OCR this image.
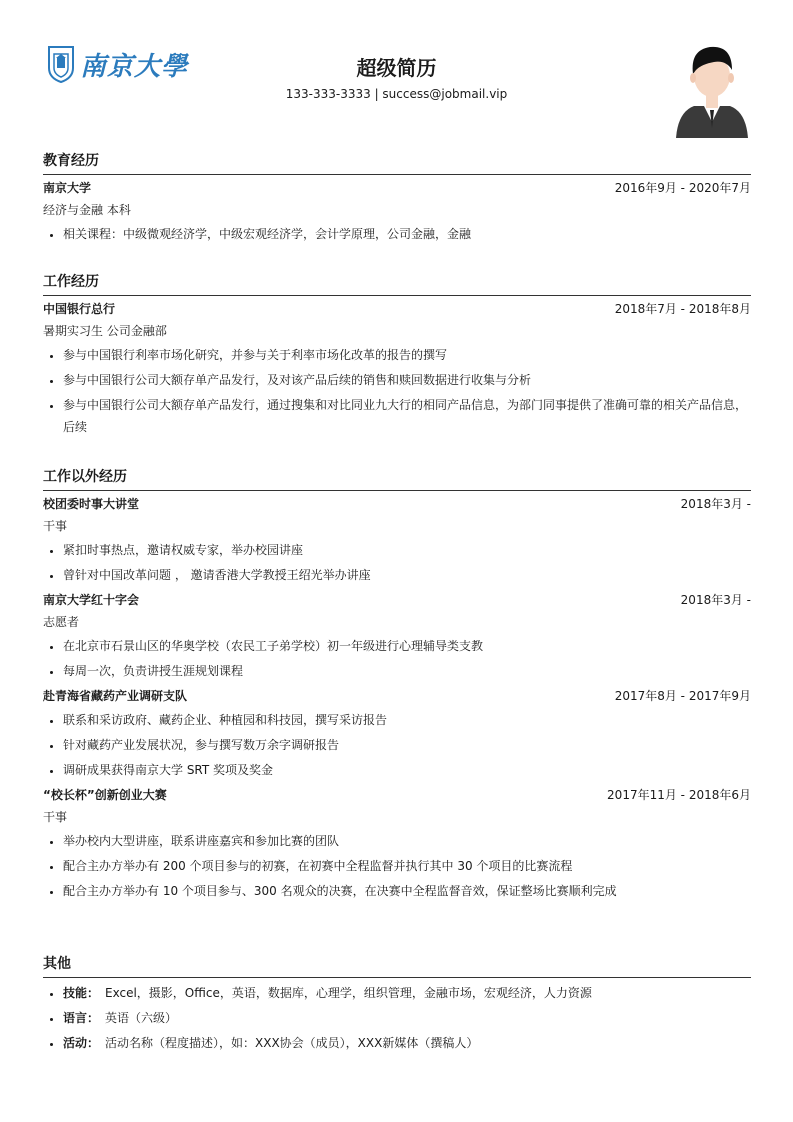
南京大學	超级简历
133-333-3333 | success@jobmail.vip
教育经历
南京大学	2016年9月 - 2020年7月
经济与金融 本科
• 相关课程：中级微观经济学，中级宏观经济学，会计学原理，公司金融，金融
工作经历
中国银行总行	2018年7月 - 2018年8月
暑期实习生 公司金融部
• 参与中国银行利率市场化研究，并参与关于利率市场化改革的报告的撰写
• 参与中国银行公司大额存单产品发行，及对该产品后续的销售和赎回数据进行收集与分析
• 参与中国银行公司大额存单产品发行，通过搜集和对比同业九大行的相同产品信息，为部门同事提供了准确可靠的相关产品信息，后续
工作以外经历
校团委时事大讲堂	2018年3月 -
干事
• 紧扣时事热点，邀请权威专家，举办校园讲座
• 曾针对中国改革问题 ， 邀请香港大学教授王绍光举办讲座
南京大学红十字会	2018年3月 -
志愿者
• 在北京市石景山区的华奥学校（农民工子弟学校）初一年级进行心理辅导类支教
• 每周一次，负责讲授生涯规划课程
赴青海省藏药产业调研支队	2017年8月 - 2017年9月
• 联系和采访政府、藏药企业、种植园和科技园，撰写采访报告
• 针对藏药产业发展状况，参与撰写数万余字调研报告
• 调研成果获得南京大学 SRT 奖项及奖金
“校长杯”创新创业大赛	2017年11月 - 2018年6月
干事
• 举办校内大型讲座，联系讲座嘉宾和参加比赛的团队
• 配合主办方举办有 200 个项目参与的初赛，在初赛中全程监督并执行其中 30 个项目的比赛流程
• 配合主办方举办有 10 个项目参与、300 名观众的决赛，在决赛中全程监督音效，保证整场比赛顺利完成
其他
• 技能： Excel，摄影，Office，英语，数据库，心理学，组织管理，金融市场，宏观经济，人力资源
• 语言： 英语（六级）
• 活动： 活动名称（程度描述），如：XXX协会（成员），XXX新媒体（撰稿人）
